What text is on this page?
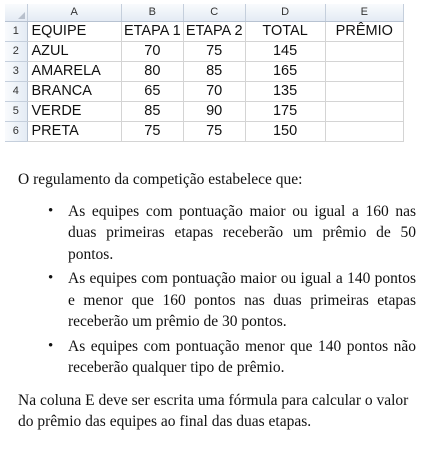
	A	B	C	D	E
1	EQUIPE	ETAPA 1	ETAPA 2	TOTAL	PRÊMIO
2	AZUL	70	75	145	
3	AMARELA	80	85	165	
4	BRANCA	65	70	135	
5	VERDE	85	90	175	
6	PRETA	75	75	150	

O regulamento da competição estabelece que:

• As equipes com pontuação maior ou igual a 160 nas duas primeiras etapas receberão um prêmio de 50 pontos.
• As equipes com pontuação maior ou igual a 140 pontos e menor que 160 pontos nas duas primeiras etapas receberão um prêmio de 30 pontos.
• As equipes com pontuação menor que 140 pontos não receberão qualquer tipo de prêmio.

Na coluna E deve ser escrita uma fórmula para calcular o valor do prêmio das equipes ao final das duas etapas.
